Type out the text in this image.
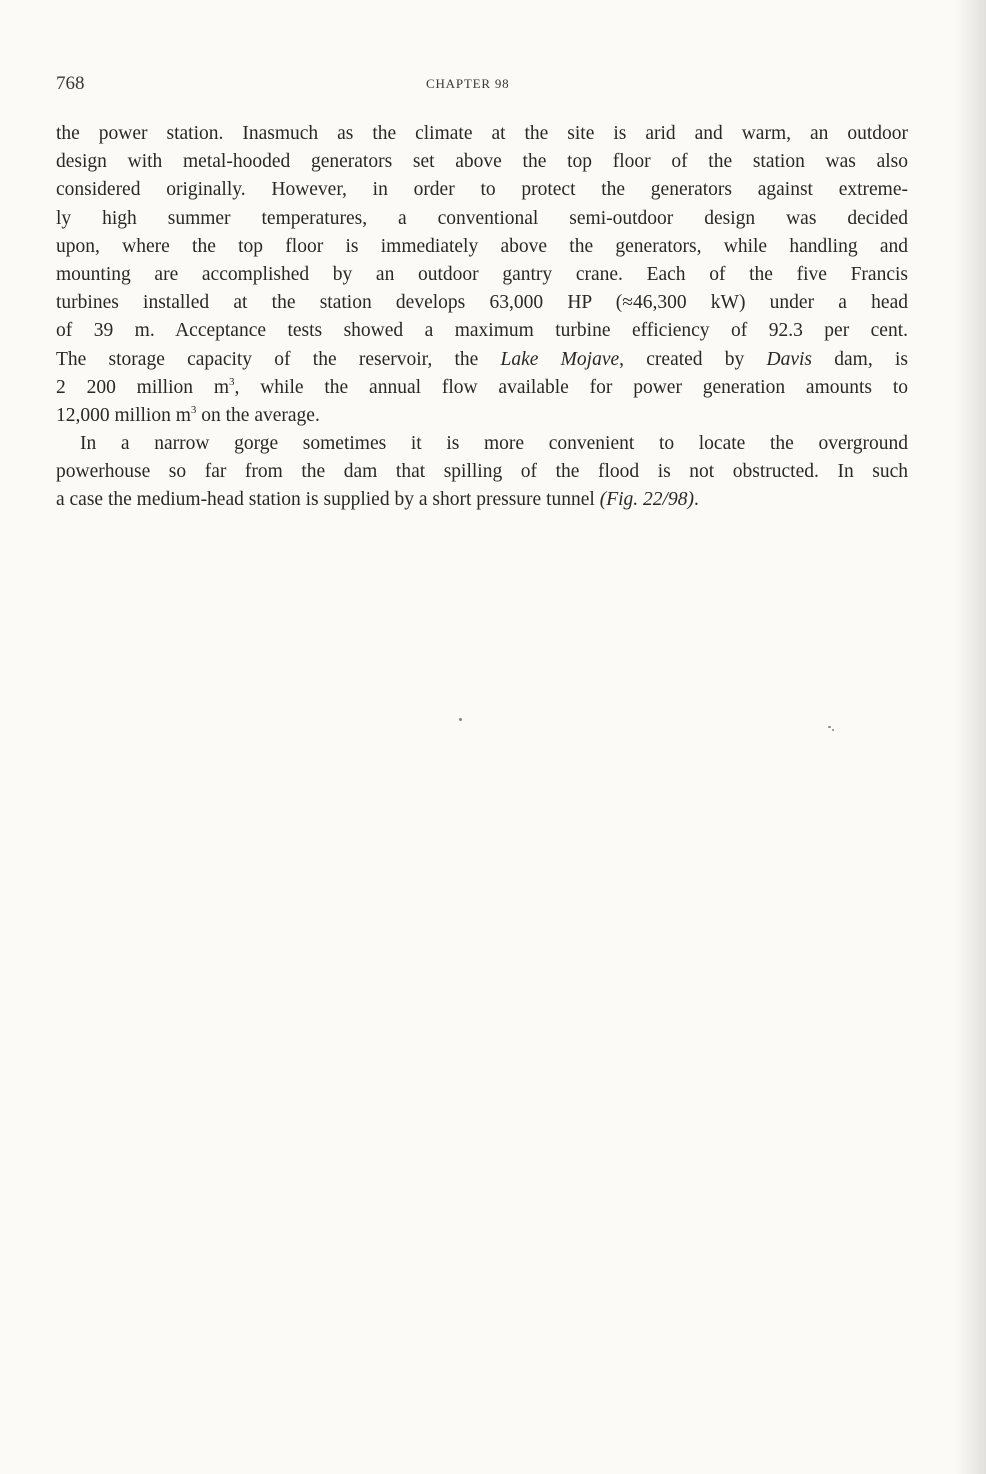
768	CHAPTER 98
the power station. Inasmuch as the climate at the site is arid and warm, an outdoor
design with metal-hooded generators set above the top floor of the station was also
considered originally. However, in order to protect the generators against extreme-
ly high summer temperatures, a conventional semi-outdoor design was decided
upon, where the top floor is immediately above the generators, while handling and
mounting are accomplished by an outdoor gantry crane. Each of the five Francis
turbines installed at the station develops 63,000 HP (≈46,300 kW) under a head
of 39 m. Acceptance tests showed a maximum turbine efficiency of 92.3 per cent.
The storage capacity of the reservoir, the Lake Mojave, created by Davis dam, is
2 200 million $m^3$, while the annual flow available for power generation amounts to
12,000 million $m^3$ on the average.
In a narrow gorge sometimes it is more convenient to locate the overground
powerhouse so far from the dam that spilling of the flood is not obstructed. In such
a case the medium-head station is supplied by a short pressure tunnel (Fig. 22/98).
